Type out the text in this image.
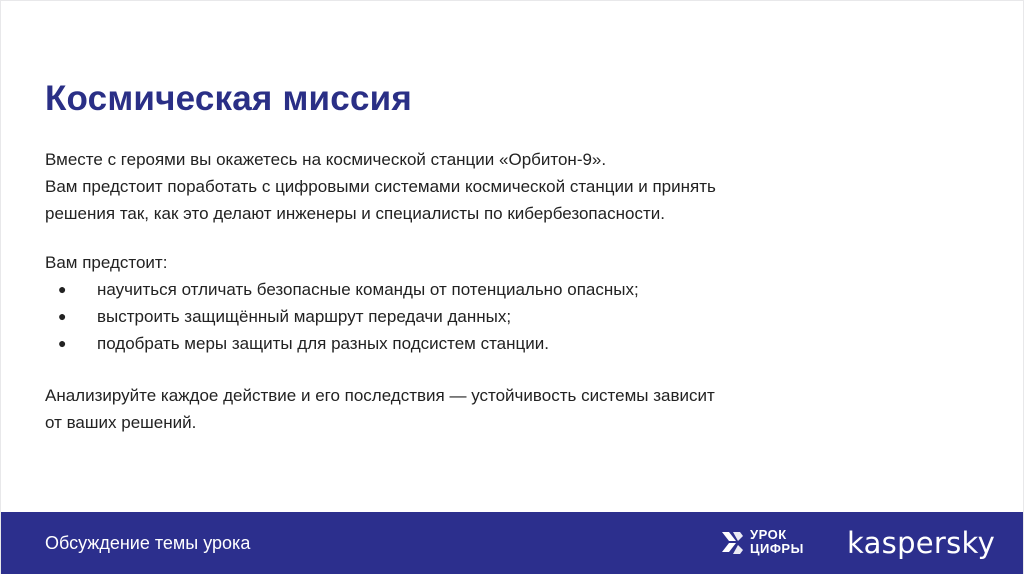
Космическая миссия

Вместе с героями вы окажетесь на космической станции «Орбитон-9».

Вам предстоит поработать с цифровыми системами космической станции и принять

решения так, как это делают инженеры и специалисты по кибербезопасности.

Вам предстоит:

● научиться отличать безопасные команды от потенциально опасных;
● выстроить защищённый маршрут передачи данных;
● подобрать меры защиты для разных подсистем станции.

Анализируйте каждое действие и его последствия — устойчивость системы зависит

от ваших решений.

Обсуждение темы урока	УРОК
ЦИФРЫ kaspersky
